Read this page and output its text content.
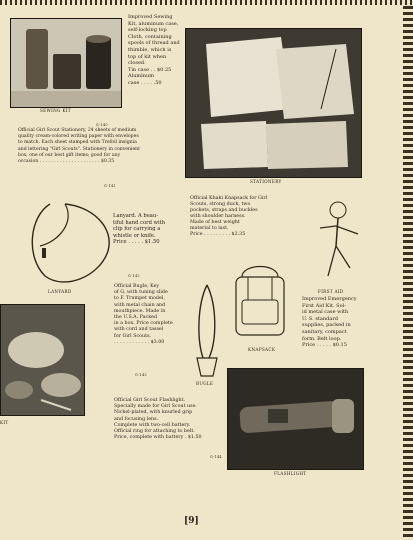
SEWING KIT
Improved Sewing
Kit, aluminum case,
self-locking top
Cloth, containing
spools of thread and
thimble, which is
top of kit when
closed.
Tin case . . $0.25
Aluminum
case . . . . .50
G-140
STATIONERY
Official Girl Scout Stationery, 24 sheets of medium
quality cream-colored writing paper with envelopes
to match. Each sheet stamped with Trefoil insignia
and lettering "Girl Scouts". Stationery in convenient
box, one of our best gift items; good for any
occasion . . . . . . . . . . . . . . . . . . . . . $0.35
G-141
LANYARD
Lanyard. A beau-
tiful hand cord with
clip for carrying a
whistle or knife.
Price . . . . . $1.50
G-142
Official Khaki Knapsack for Girl
Scouts, strong duck, two
pockets, straps and buckles
with shoulder harness.
Made of best weight
material to last.
Price . . . . . . . . . $2.35
KNAPSACK
FIRST AID
Improved Emergency
First Aid Kit. Sol-
id metal case with
U. S. standard
supplies, packed in
sanitary, compact
form. Belt loop.
Price . . . . . $0.15
KIT
Official Bugle, Key
of G, with tuning slide
to F. Trumpet model,
with metal chain and
mouthpiece. Made in
the U.S.A. Packed
in a box. Price complete
with cord and tassel
for Girl Scouts.
. . . . . . . . . . . . $3.00
BUGLE
G-143
FLASHLIGHT
Official Girl Scout Flashlight.
Specially made for Girl Scout use.
Nickel-plated, with knurled grip
and focusing lens.
Complete with two-cell battery.
Official ring for attaching to belt.
Price, complete with battery . $1.50
G-144
[9]
